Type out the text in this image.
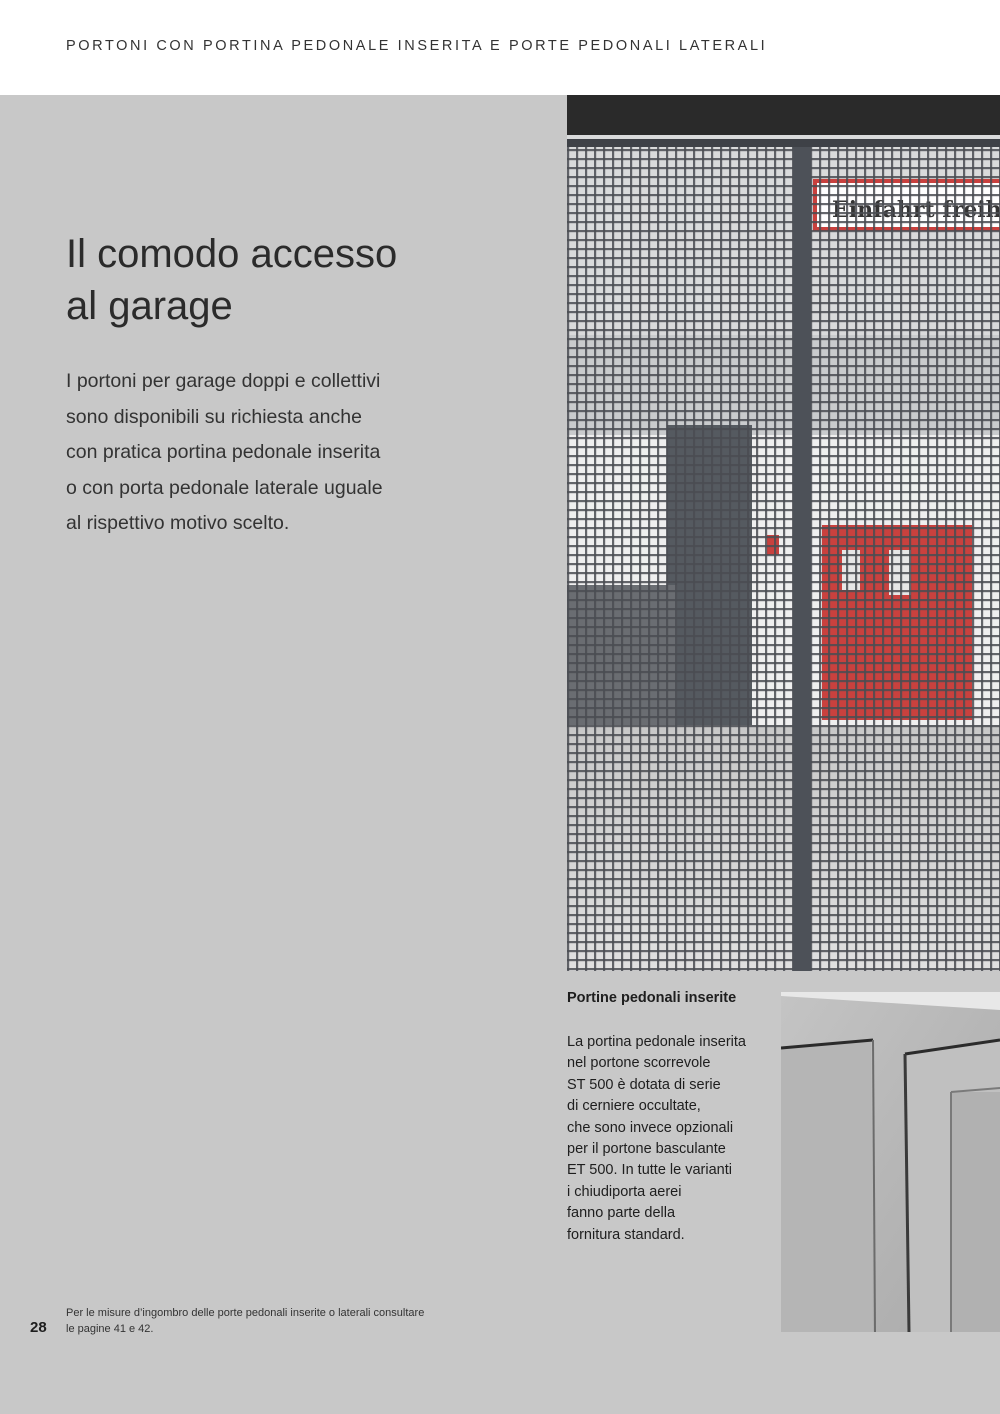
PORTONI CON PORTINA PEDONALE INSERITA E PORTE PEDONALI LATERALI
Il comodo accesso
al garage

I portoni per garage doppi e collettivi
sono disponibili su richiesta anche
con pratica portina pedonale inserita
o con porta pedonale laterale uguale
al rispettivo motivo scelto.

Portine pedonali inserite
La portina pedonale inserita
nel portone scorrevole
ST 500 è dotata di serie
di cerniere occultate,
che sono invece opzionali
per il portone basculante
ET 500. In tutte le varianti
i chiudiporta aerei
fanno parte della
fornitura standard.
28
Per le misure d’ingombro delle porte pedonali inserite o laterali consultare
le pagine 41 e 42.
